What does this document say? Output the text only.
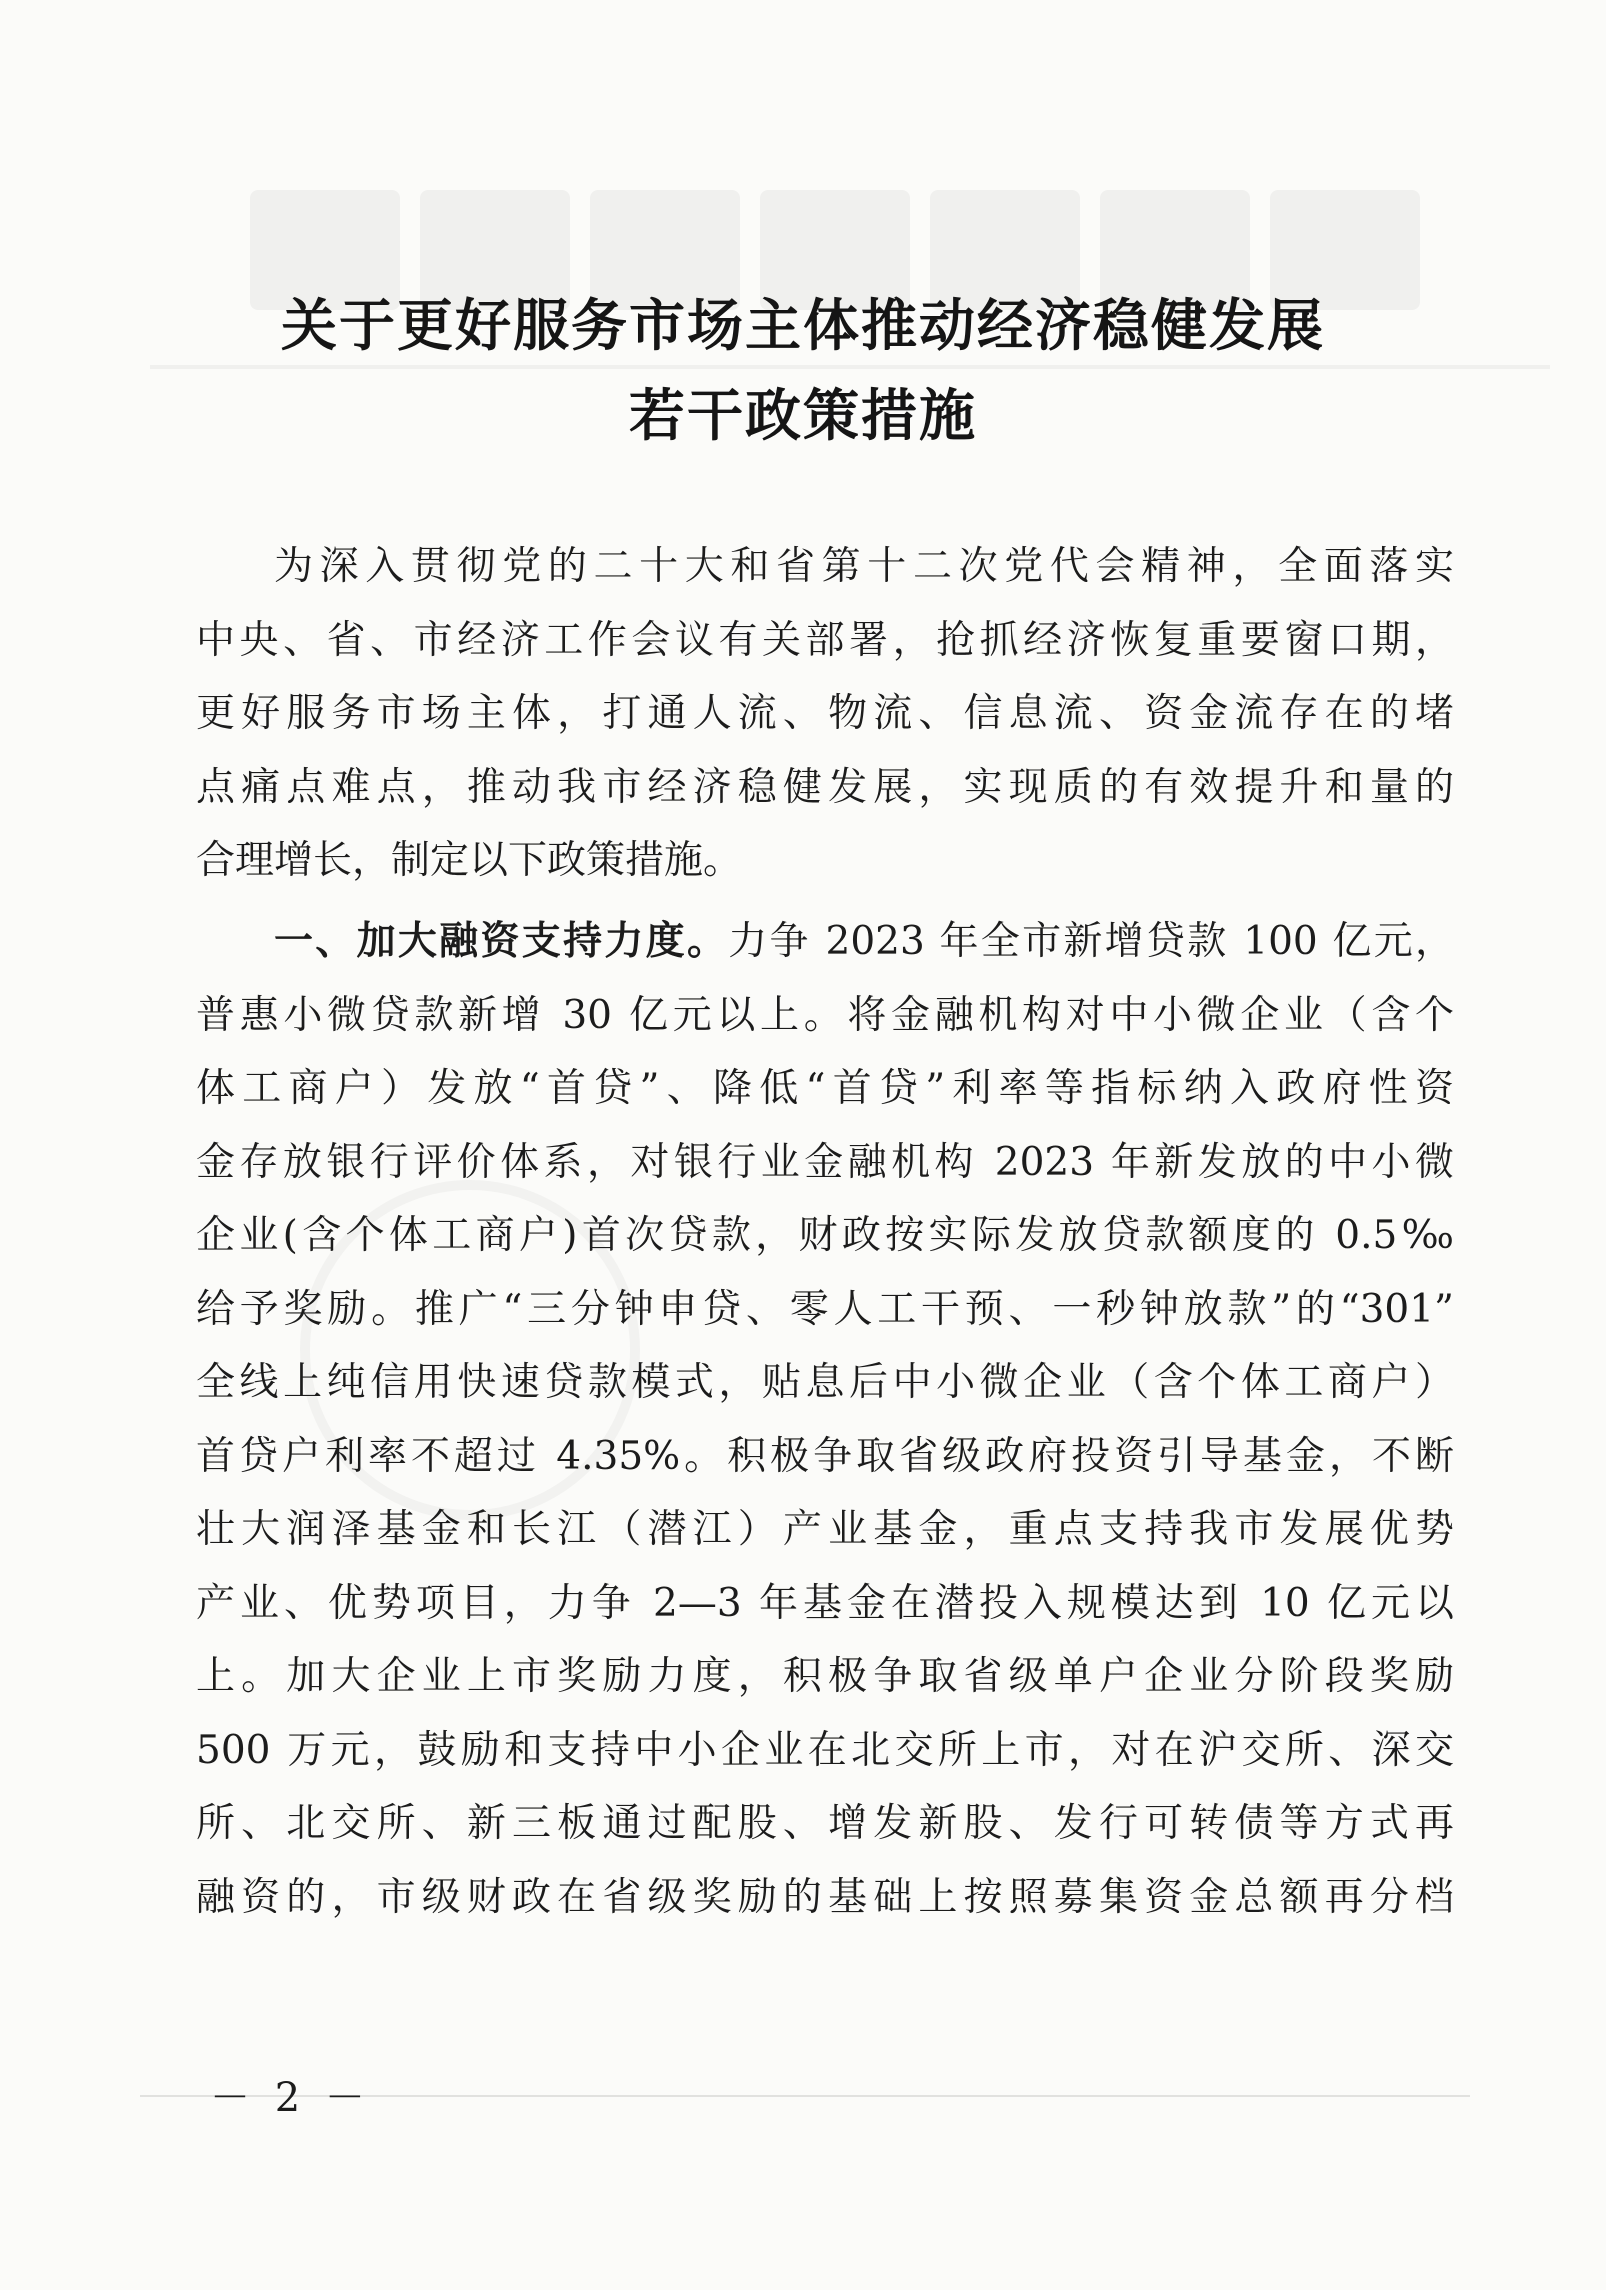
关于更好服务市场主体推动经济稳健发展
若干政策措施
为深入贯彻党的二十大和省第十二次党代会精神，全面落实
中央、省、市经济工作会议有关部署，抢抓经济恢复重要窗口期，
更好服务市场主体，打通人流、物流、信息流、资金流存在的堵
点痛点难点，推动我市经济稳健发展，实现质的有效提升和量的
合理增长，制定以下政策措施。
一、加大融资支持力度。力争 2023 年全市新增贷款 100 亿元，
普惠小微贷款新增 30 亿元以上。将金融机构对中小微企业（含个
体工商户）发放“首贷”、降低“首贷”利率等指标纳入政府性资
金存放银行评价体系，对银行业金融机构 2023 年新发放的中小微
企业(含个体工商户)首次贷款，财政按实际发放贷款额度的 0.5‰
给予奖励。推广“三分钟申贷、零人工干预、一秒钟放款”的“301”
全线上纯信用快速贷款模式，贴息后中小微企业（含个体工商户）
首贷户利率不超过 4.35%。积极争取省级政府投资引导基金，不断
壮大润泽基金和长江（潜江）产业基金，重点支持我市发展优势
产业、优势项目，力争 2—3 年基金在潜投入规模达到 10 亿元以
上。加大企业上市奖励力度，积极争取省级单户企业分阶段奖励
500 万元，鼓励和支持中小企业在北交所上市，对在沪交所、深交
所、北交所、新三板通过配股、增发新股、发行可转债等方式再
融资的，市级财政在省级奖励的基础上按照募集资金总额再分档
－ 2 －
